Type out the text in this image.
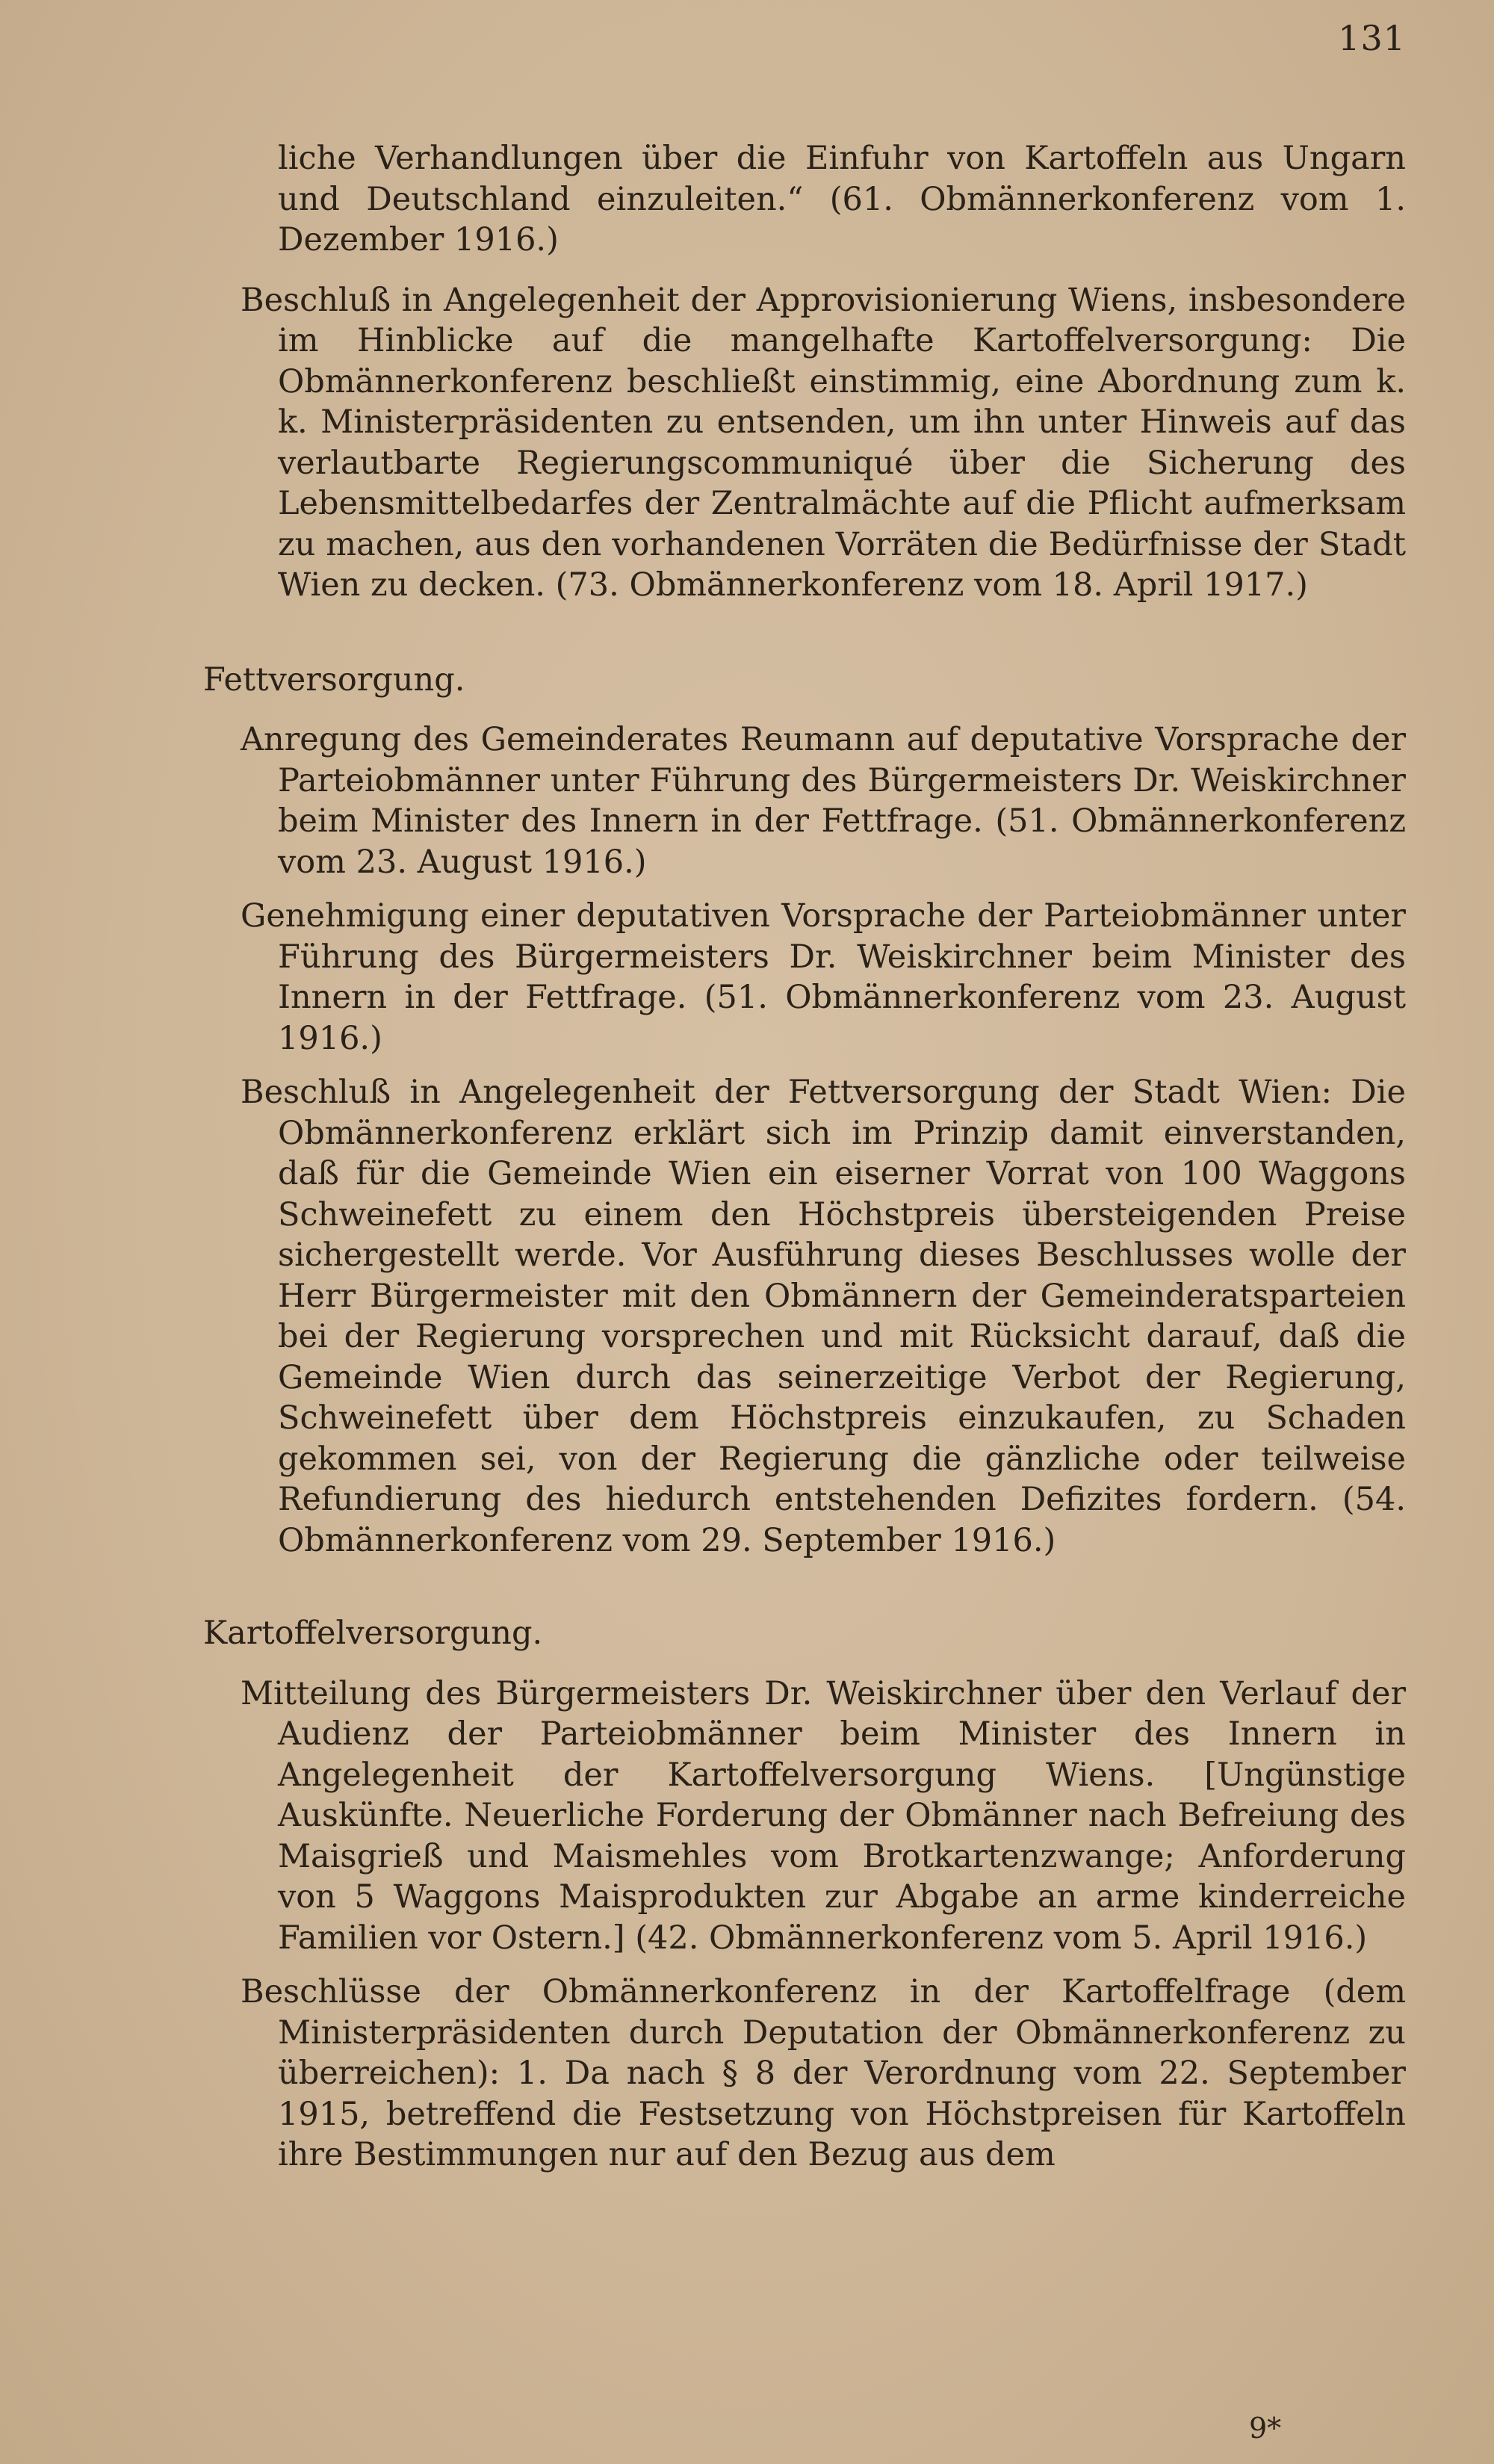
131

liche Verhandlungen über die Einfuhr von Kartoffeln aus Ungarn und Deutschland einzuleiten.“ (61. Obmännerkonferenz vom 1. Dezember 1916.)

Beschluß in Angelegenheit der Approvisionierung Wiens, insbesondere im Hinblicke auf die mangelhafte Kartoffelversorgung: Die Obmännerkonferenz beschließt einstimmig, eine Abordnung zum k. k. Ministerpräsidenten zu entsenden, um ihn unter Hinweis auf das verlautbarte Regierungscommuniqué über die Sicherung des Lebensmittelbedarfes der Zentralmächte auf die Pflicht aufmerksam zu machen, aus den vorhandenen Vorräten die Bedürfnisse der Stadt Wien zu decken. (73. Obmännerkonferenz vom 18. April 1917.)

Fettversorgung.

Anregung des Gemeinderates Reumann auf deputative Vorsprache der Parteiobmänner unter Führung des Bürgermeisters Dr. Weiskirchner beim Minister des Innern in der Fettfrage. (51. Obmännerkonferenz vom 23. August 1916.)

Genehmigung einer deputativen Vorsprache der Parteiobmänner unter Führung des Bürgermeisters Dr. Weiskirchner beim Minister des Innern in der Fettfrage. (51. Obmännerkonferenz vom 23. August 1916.)

Beschluß in Angelegenheit der Fettversorgung der Stadt Wien: Die Obmännerkonferenz erklärt sich im Prinzip damit einverstanden, daß für die Gemeinde Wien ein eiserner Vorrat von 100 Waggons Schweinefett zu einem den Höchstpreis übersteigenden Preise sichergestellt werde. Vor Ausführung dieses Beschlusses wolle der Herr Bürgermeister mit den Obmännern der Gemeinderatsparteien bei der Regierung vorsprechen und mit Rücksicht darauf, daß die Gemeinde Wien durch das seinerzeitige Verbot der Regierung, Schweinefett über dem Höchstpreis einzukaufen, zu Schaden gekommen sei, von der Regierung die gänzliche oder teilweise Refundierung des hiedurch entstehenden Defizites fordern. (54. Obmännerkonferenz vom 29. September 1916.)

Kartoffelversorgung.

Mitteilung des Bürgermeisters Dr. Weiskirchner über den Verlauf der Audienz der Parteiobmänner beim Minister des Innern in Angelegenheit der Kartoffelversorgung Wiens. [Ungünstige Auskünfte. Neuerliche Forderung der Obmänner nach Befreiung des Maisgrieß und Maismehles vom Brotkartenzwange; Anforderung von 5 Waggons Maisprodukten zur Abgabe an arme kinderreiche Familien vor Ostern.] (42. Obmännerkonferenz vom 5. April 1916.)

Beschlüsse der Obmännerkonferenz in der Kartoffelfrage (dem Ministerpräsidenten durch Deputation der Obmännerkonferenz zu überreichen): 1. Da nach § 8 der Verordnung vom 22. September 1915, betreffend die Festsetzung von Höchstpreisen für Kartoffeln ihre Bestimmungen nur auf den Bezug aus dem

9*
